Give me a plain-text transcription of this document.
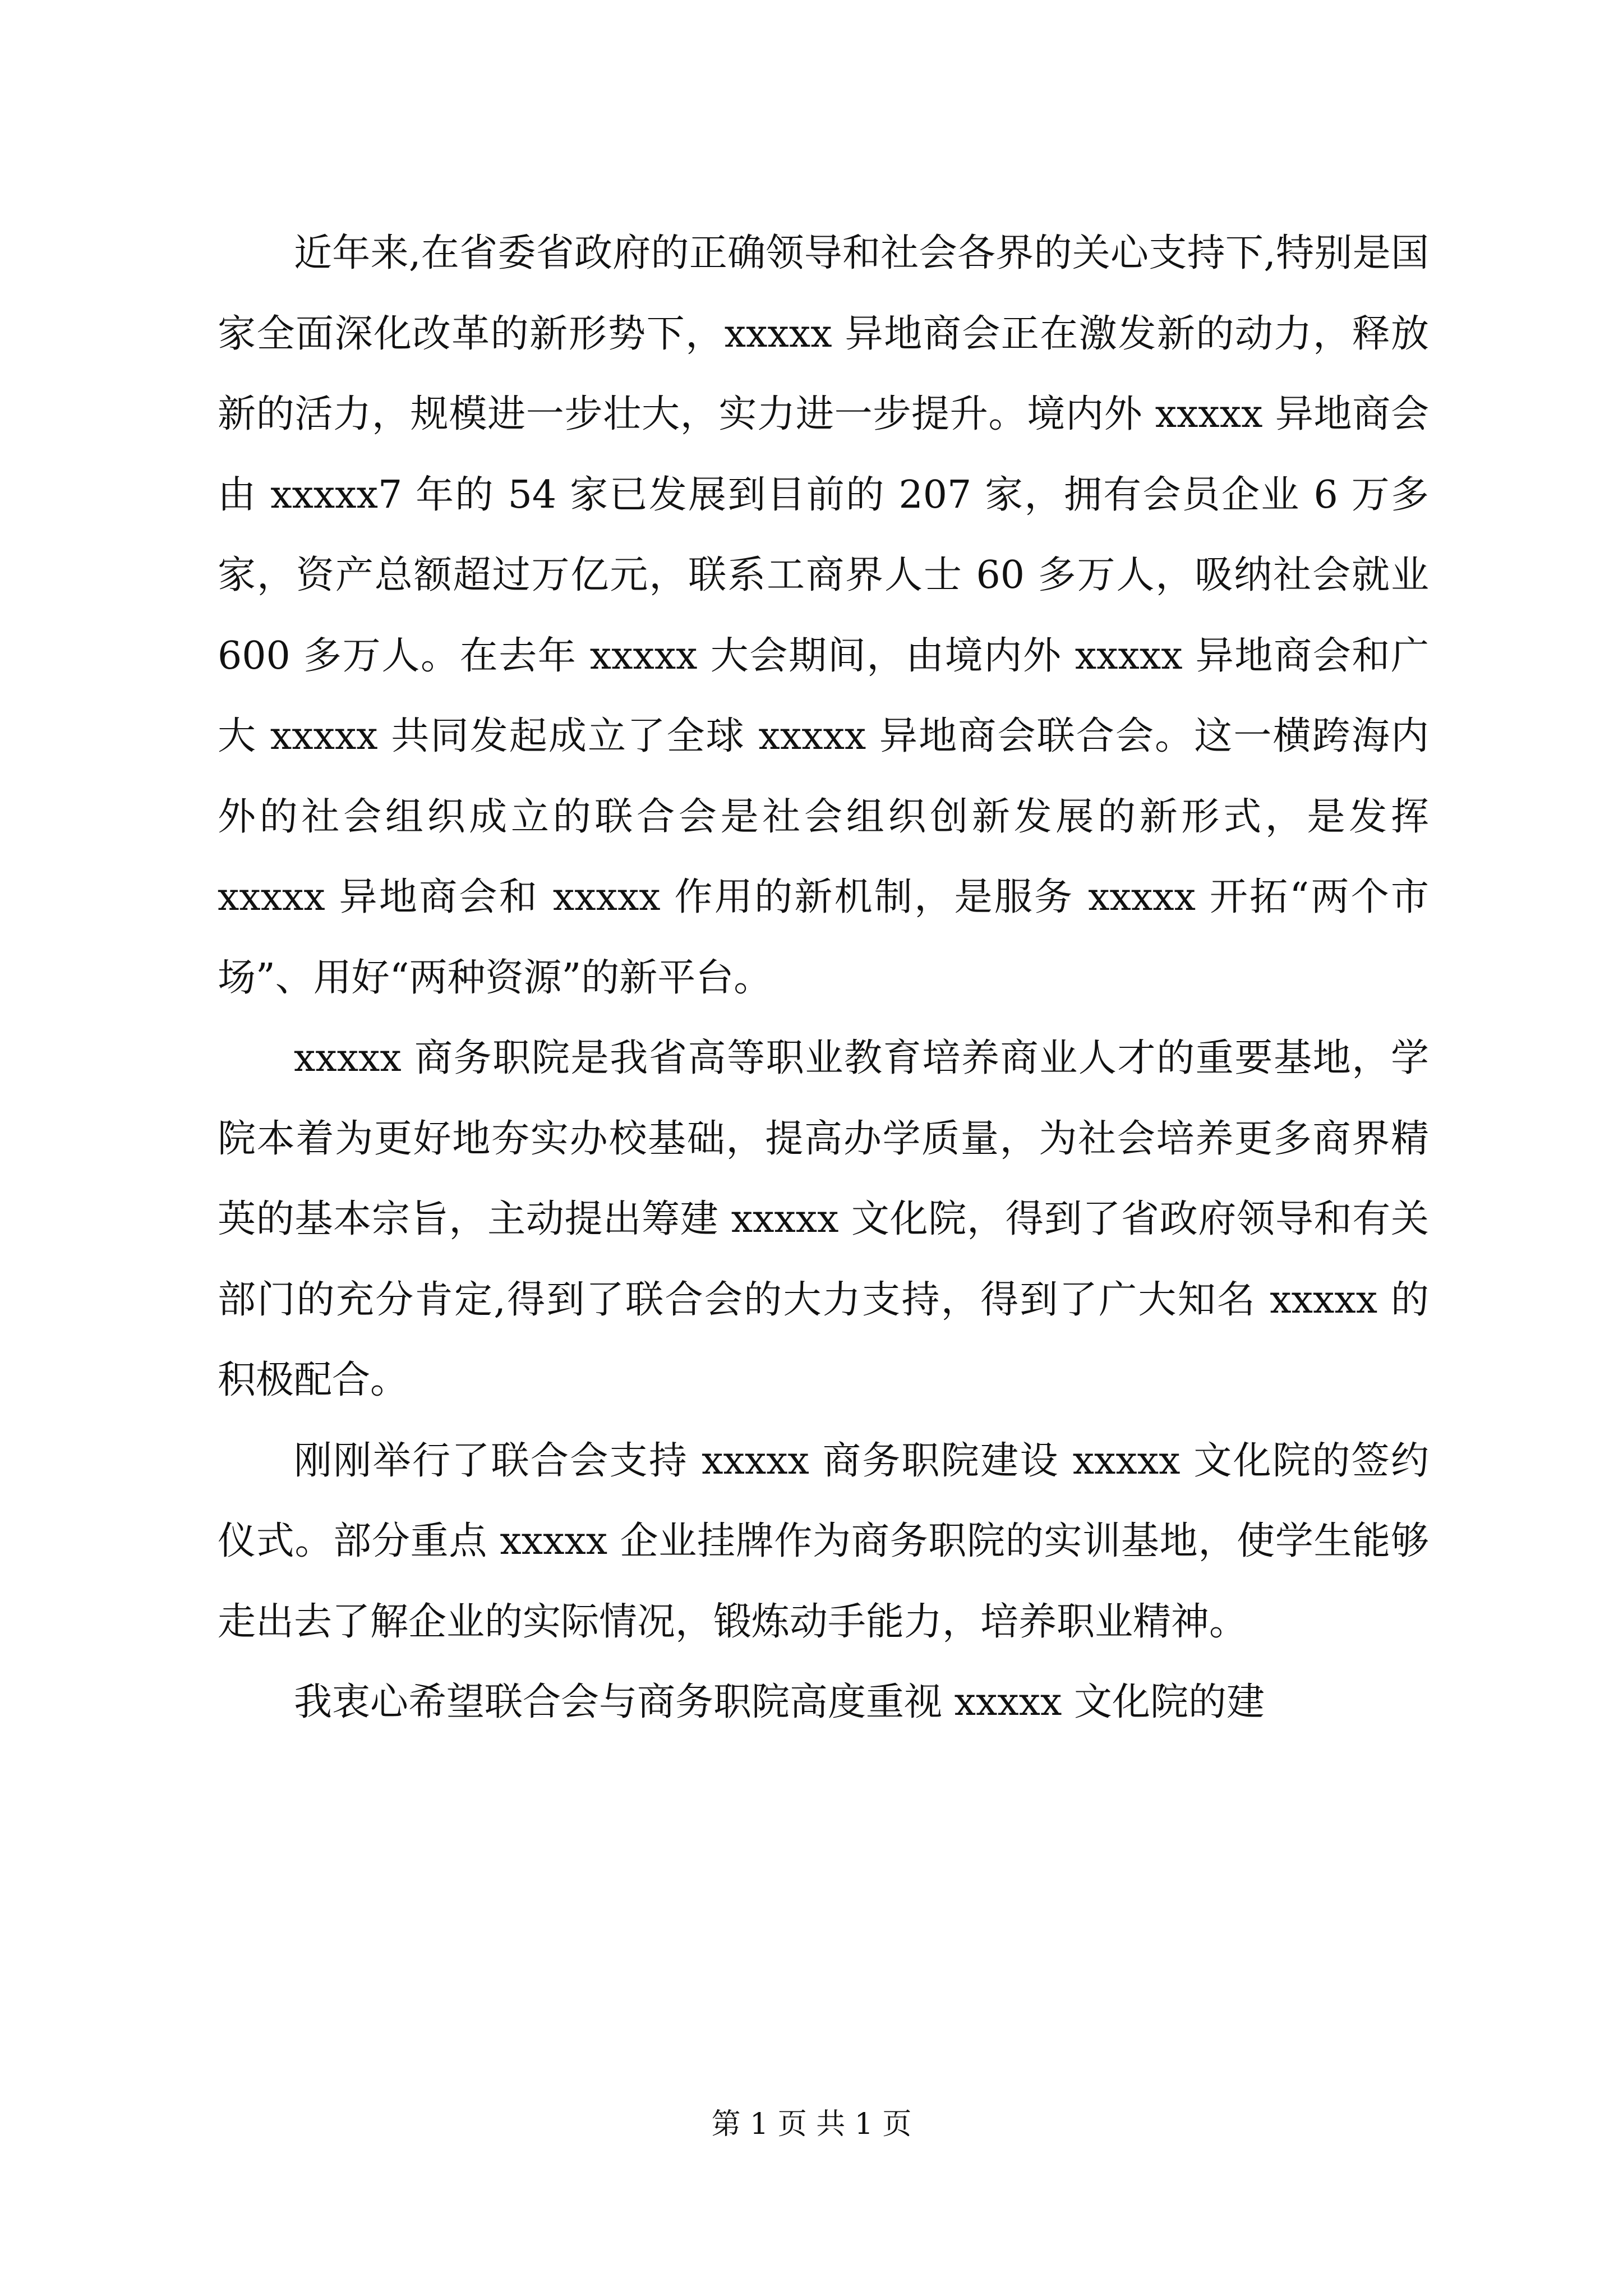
近年来,在省委省政府的正确领导和社会各界的关心支持下,特别是国家全面深化改革的新形势下，xxxxx 异地商会正在激发新的动力，释放新的活力，规模进一步壮大，实力进一步提升。境内外 xxxxx 异地商会由 xxxxx7 年的 54 家已发展到目前的 207 家，拥有会员企业 6 万多家，资产总额超过万亿元，联系工商界人士 60 多万人，吸纳社会就业 600 多万人。在去年 xxxxx 大会期间，由境内外 xxxxx 异地商会和广大 xxxxx 共同发起成立了全球 xxxxx 异地商会联合会。这一横跨海内外的社会组织成立的联合会是社会组织创新发展的新形式，是发挥 xxxxx 异地商会和 xxxxx 作用的新机制，是服务 xxxxx 开拓“两个市场”、用好“两种资源”的新平台。

xxxxx 商务职院是我省高等职业教育培养商业人才的重要基地，学院本着为更好地夯实办校基础，提高办学质量，为社会培养更多商界精英的基本宗旨，主动提出筹建 xxxxx 文化院，得到了省政府领导和有关部门的充分肯定,得到了联合会的大力支持，得到了广大知名 xxxxx 的积极配合。

刚刚举行了联合会支持 xxxxx 商务职院建设 xxxxx 文化院的签约仪式。部分重点 xxxxx 企业挂牌作为商务职院的实训基地，使学生能够走出去了解企业的实际情况，锻炼动手能力，培养职业精神。

我衷心希望联合会与商务职院高度重视 xxxxx 文化院的建

第 1 页 共 1 页
